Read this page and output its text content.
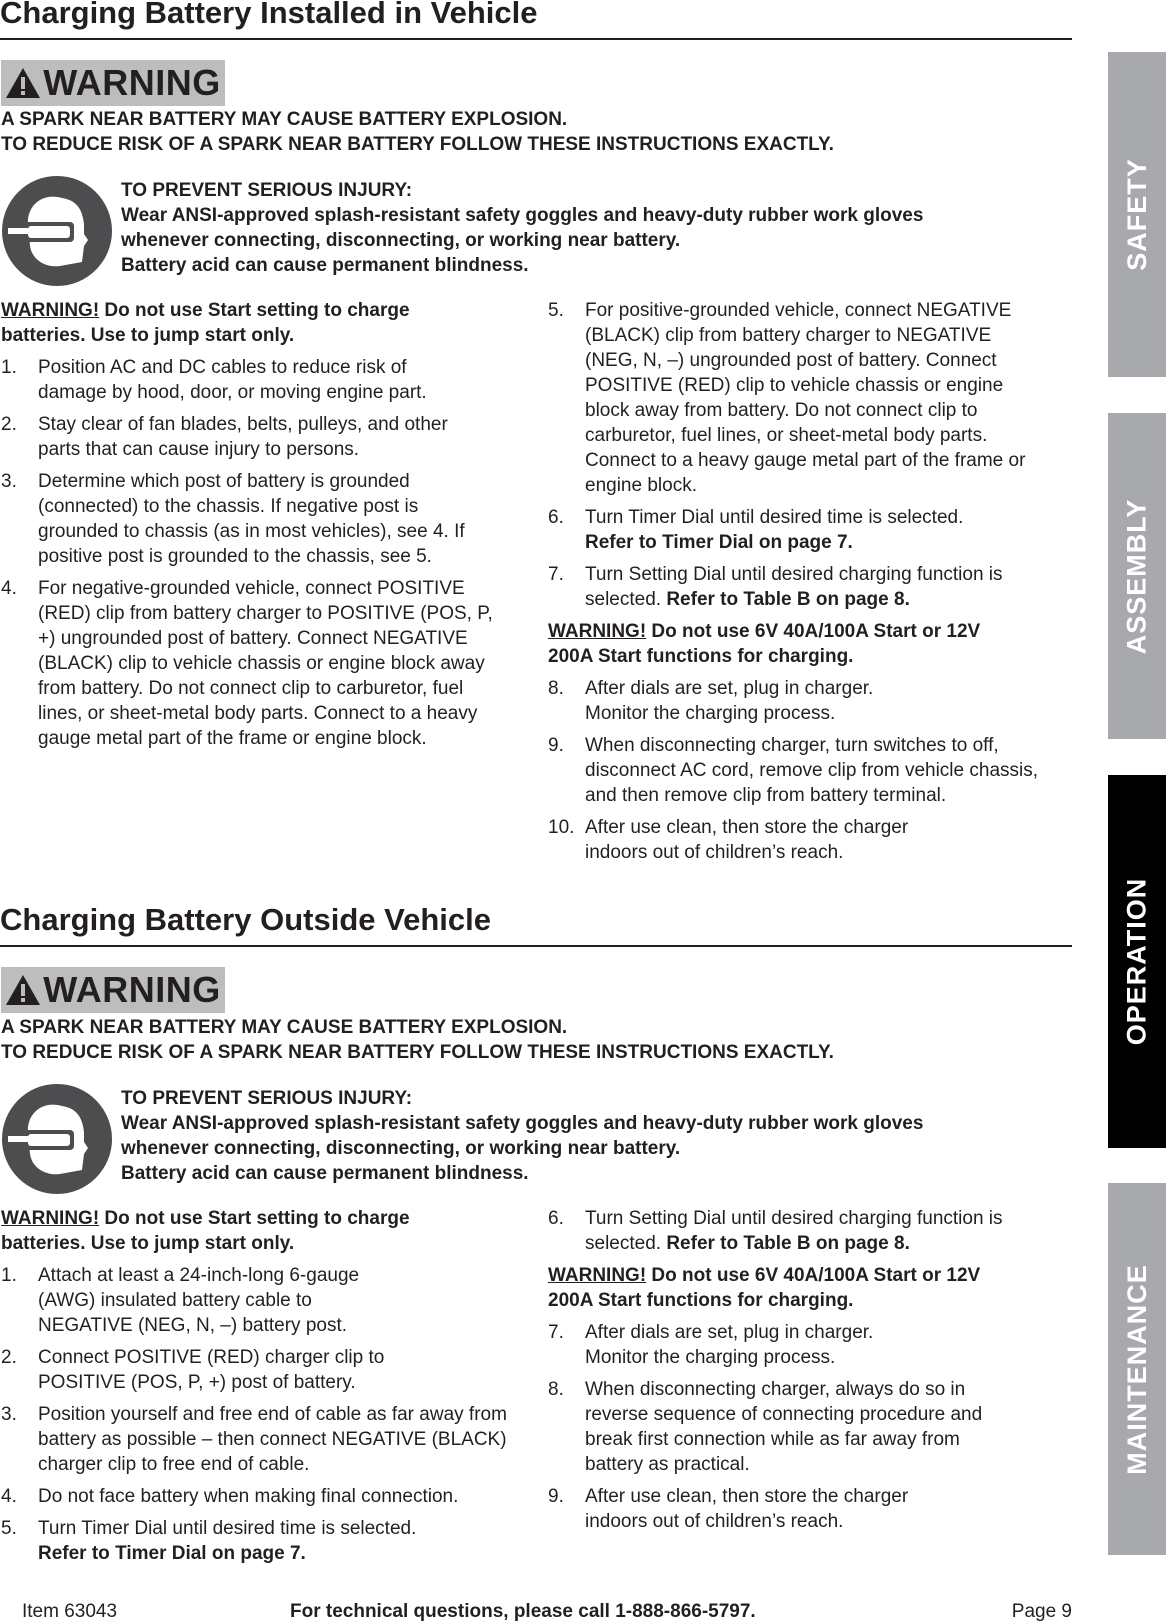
Charging Battery Installed in Vehicle
WARNING
A SPARK NEAR BATTERY MAY CAUSE BATTERY EXPLOSION.
TO REDUCE RISK OF A SPARK NEAR BATTERY FOLLOW THESE INSTRUCTIONS EXACTLY.
TO PREVENT SERIOUS INJURY:
Wear ANSI-approved splash-resistant safety goggles and heavy-duty rubber work gloves
whenever connecting, disconnecting, or working near battery.
Battery acid can cause permanent blindness.
WARNING! Do not use Start setting to charge batteries. Use to jump start only.
1.	Position AC and DC cables to reduce risk of damage by hood, door, or moving engine part.
2.	Stay clear of fan blades, belts, pulleys, and other parts that can cause injury to persons.
3.	Determine which post of battery is grounded (connected) to the chassis. If negative post is grounded to chassis (as in most vehicles), see 4. If positive post is grounded to the chassis, see 5.
4.	For negative-grounded vehicle, connect POSITIVE (RED) clip from battery charger to POSITIVE (POS, P, +) ungrounded post of battery. Connect NEGATIVE (BLACK) clip to vehicle chassis or engine block away from battery. Do not connect clip to carburetor, fuel lines, or sheet-metal body parts. Connect to a heavy gauge metal part of the frame or engine block.
5.	For positive-grounded vehicle, connect NEGATIVE (BLACK) clip from battery charger to NEGATIVE (NEG, N, –) ungrounded post of battery. Connect POSITIVE (RED) clip to vehicle chassis or engine block away from battery. Do not connect clip to carburetor, fuel lines, or sheet-metal body parts. Connect to a heavy gauge metal part of the frame or engine block.
6.	Turn Timer Dial until desired time is selected.
Refer to Timer Dial on page 7.
7.	Turn Setting Dial until desired charging function is selected. Refer to Table B on page 8.
WARNING! Do not use 6V 40A/100A Start or 12V 200A Start functions for charging.
8.	After dials are set, plug in charger. Monitor the charging process.
9.	When disconnecting charger, turn switches to off, disconnect AC cord, remove clip from vehicle chassis, and then remove clip from battery terminal.
10. After use clean, then store the charger indoors out of children’s reach.
Charging Battery Outside Vehicle
WARNING
A SPARK NEAR BATTERY MAY CAUSE BATTERY EXPLOSION.
TO REDUCE RISK OF A SPARK NEAR BATTERY FOLLOW THESE INSTRUCTIONS EXACTLY.
TO PREVENT SERIOUS INJURY:
Wear ANSI-approved splash-resistant safety goggles and heavy-duty rubber work gloves
whenever connecting, disconnecting, or working near battery.
Battery acid can cause permanent blindness.
WARNING! Do not use Start setting to charge batteries. Use to jump start only.
1.	Attach at least a 24-inch-long 6-gauge (AWG) insulated battery cable to NEGATIVE (NEG, N, –) battery post.
2.	Connect POSITIVE (RED) charger clip to POSITIVE (POS, P, +) post of battery.
3.	Position yourself and free end of cable as far away from battery as possible – then connect NEGATIVE (BLACK) charger clip to free end of cable.
4.	Do not face battery when making final connection.
5.	Turn Timer Dial until desired time is selected.
Refer to Timer Dial on page 7.
6.	Turn Setting Dial until desired charging function is selected. Refer to Table B on page 8.
WARNING! Do not use 6V 40A/100A Start or 12V 200A Start functions for charging.
7.	After dials are set, plug in charger. Monitor the charging process.
8.	When disconnecting charger, always do so in reverse sequence of connecting procedure and break first connection while as far away from battery as practical.
9.	After use clean, then store the charger indoors out of children’s reach.
SAFETY
ASSEMBLY
OPERATION
MAINTENANCE
Item 63043	For technical questions, please call 1-888-866-5797.	Page 9
